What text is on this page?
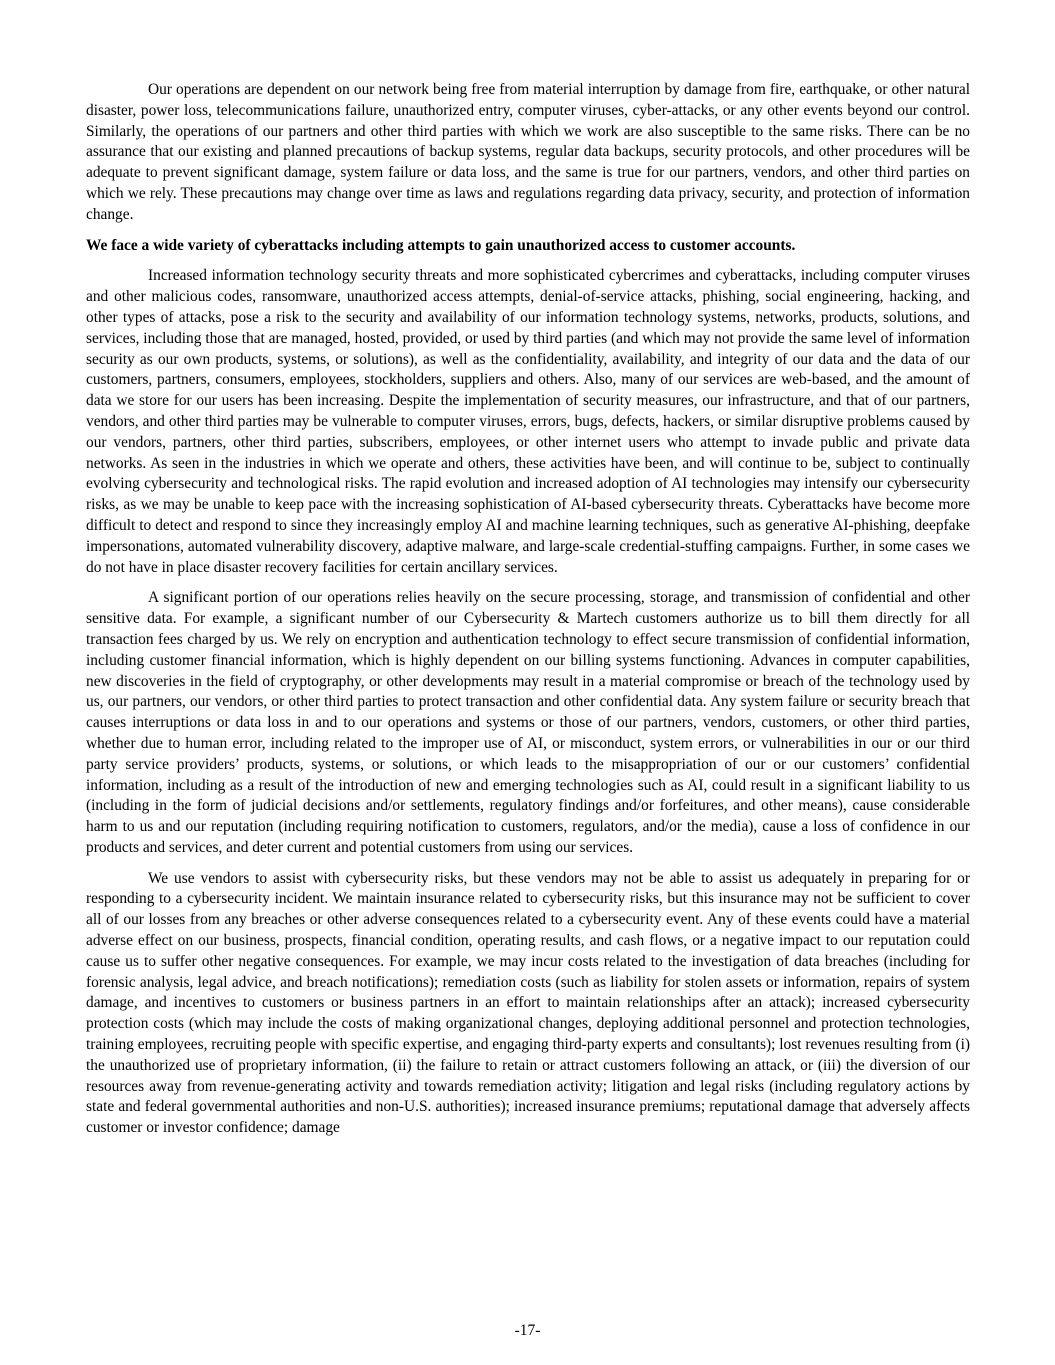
Our operations are dependent on our network being free from material interruption by damage from fire, earthquake, or other natural disaster, power loss, telecommunications failure, unauthorized entry, computer viruses, cyber-attacks, or any other events beyond our control. Similarly, the operations of our partners and other third parties with which we work are also susceptible to the same risks. There can be no assurance that our existing and planned precautions of backup systems, regular data backups, security protocols, and other procedures will be adequate to prevent significant damage, system failure or data loss, and the same is true for our partners, vendors, and other third parties on which we rely. These precautions may change over time as laws and regulations regarding data privacy, security, and protection of information change.

We face a wide variety of cyberattacks including attempts to gain unauthorized access to customer accounts.

Increased information technology security threats and more sophisticated cybercrimes and cyberattacks, including computer viruses and other malicious codes, ransomware, unauthorized access attempts, denial-of-service attacks, phishing, social engineering, hacking, and other types of attacks, pose a risk to the security and availability of our information technology systems, networks, products, solutions, and services, including those that are managed, hosted, provided, or used by third parties (and which may not provide the same level of information security as our own products, systems, or solutions), as well as the confidentiality, availability, and integrity of our data and the data of our customers, partners, consumers, employees, stockholders, suppliers and others. Also, many of our services are web-based, and the amount of data we store for our users has been increasing. Despite the implementation of security measures, our infrastructure, and that of our partners, vendors, and other third parties may be vulnerable to computer viruses, errors, bugs, defects, hackers, or similar disruptive problems caused by our vendors, partners, other third parties, subscribers, employees, or other internet users who attempt to invade public and private data networks. As seen in the industries in which we operate and others, these activities have been, and will continue to be, subject to continually evolving cybersecurity and technological risks. The rapid evolution and increased adoption of AI technologies may intensify our cybersecurity risks, as we may be unable to keep pace with the increasing sophistication of AI-based cybersecurity threats. Cyberattacks have become more difficult to detect and respond to since they increasingly employ AI and machine learning techniques, such as generative AI-phishing, deepfake impersonations, automated vulnerability discovery, adaptive malware, and large-scale credential-stuffing campaigns. Further, in some cases we do not have in place disaster recovery facilities for certain ancillary services.

A significant portion of our operations relies heavily on the secure processing, storage, and transmission of confidential and other sensitive data. For example, a significant number of our Cybersecurity & Martech customers authorize us to bill them directly for all transaction fees charged by us. We rely on encryption and authentication technology to effect secure transmission of confidential information, including customer financial information, which is highly dependent on our billing systems functioning. Advances in computer capabilities, new discoveries in the field of cryptography, or other developments may result in a material compromise or breach of the technology used by us, our partners, our vendors, or other third parties to protect transaction and other confidential data. Any system failure or security breach that causes interruptions or data loss in and to our operations and systems or those of our partners, vendors, customers, or other third parties, whether due to human error, including related to the improper use of AI, or misconduct, system errors, or vulnerabilities in our or our third party service providers’ products, systems, or solutions, or which leads to the misappropriation of our or our customers’ confidential information, including as a result of the introduction of new and emerging technologies such as AI, could result in a significant liability to us (including in the form of judicial decisions and/or settlements, regulatory findings and/or forfeitures, and other means), cause considerable harm to us and our reputation (including requiring notification to customers, regulators, and/or the media), cause a loss of confidence in our products and services, and deter current and potential customers from using our services.

We use vendors to assist with cybersecurity risks, but these vendors may not be able to assist us adequately in preparing for or responding to a cybersecurity incident. We maintain insurance related to cybersecurity risks, but this insurance may not be sufficient to cover all of our losses from any breaches or other adverse consequences related to a cybersecurity event. Any of these events could have a material adverse effect on our business, prospects, financial condition, operating results, and cash flows, or a negative impact to our reputation could cause us to suffer other negative consequences. For example, we may incur costs related to the investigation of data breaches (including for forensic analysis, legal advice, and breach notifications); remediation costs (such as liability for stolen assets or information, repairs of system damage, and incentives to customers or business partners in an effort to maintain relationships after an attack); increased cybersecurity protection costs (which may include the costs of making organizational changes, deploying additional personnel and protection technologies, training employees, recruiting people with specific expertise, and engaging third-party experts and consultants); lost revenues resulting from (i) the unauthorized use of proprietary information, (ii) the failure to retain or attract customers following an attack, or (iii) the diversion of our resources away from revenue-generating activity and towards remediation activity; litigation and legal risks (including regulatory actions by state and federal governmental authorities and non-U.S. authorities); increased insurance premiums; reputational damage that adversely affects customer or investor confidence; damage

-17-
